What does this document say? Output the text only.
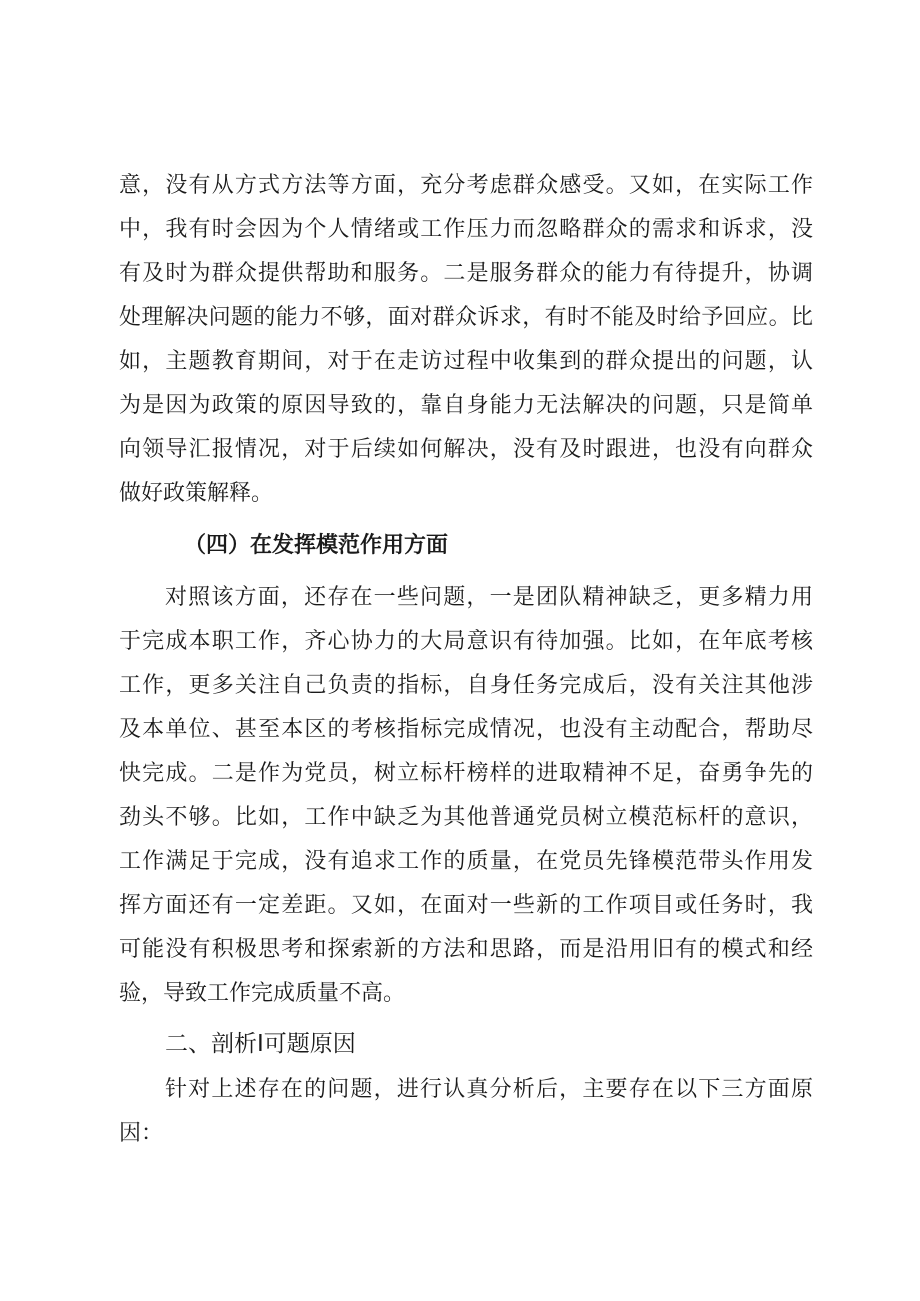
意，没有从方式方法等方面，充分考虑群众感受。又如，在实际工作
中，我有时会因为个人情绪或工作压力而忽略群众的需求和诉求，没
有及时为群众提供帮助和服务。二是服务群众的能力有待提升，协调
处理解决问题的能力不够，面对群众诉求，有时不能及时给予回应。比
如，主题教育期间，对于在走访过程中收集到的群众提出的问题，认
为是因为政策的原因导致的，靠自身能力无法解决的问题，只是简单
向领导汇报情况，对于后续如何解决，没有及时跟进，也没有向群众
做好政策解释。
（四）在发挥模范作用方面
对照该方面，还存在一些问题，一是团队精神缺乏，更多精力用
于完成本职工作，齐心协力的大局意识有待加强。比如，在年底考核
工作，更多关注自己负责的指标，自身任务完成后，没有关注其他涉
及本单位、甚至本区的考核指标完成情况，也没有主动配合，帮助尽
快完成。二是作为党员，树立标杆榜样的进取精神不足，奋勇争先的
劲头不够。比如，工作中缺乏为其他普通党员树立模范标杆的意识，
工作满足于完成，没有追求工作的质量，在党员先锋模范带头作用发
挥方面还有一定差距。又如，在面对一些新的工作项目或任务时，我
可能没有积极思考和探索新的方法和思路，而是沿用旧有的模式和经
验，导致工作完成质量不高。
二、剖析I可题原因
针对上述存在的问题，进行认真分析后，主要存在以下三方面原
因：
